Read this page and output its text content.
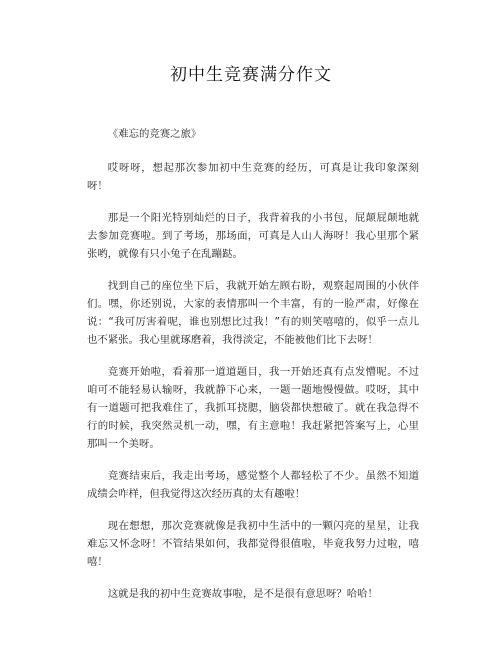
初中生竞赛满分作文

《难忘的竞赛之旅》

哎呀呀，想起那次参加初中生竞赛的经历，可真是让我印象深刻呀！

那是一个阳光特别灿烂的日子，我背着我的小书包，屁颠屁颠地就去参加竞赛啦。到了考场，那场面，可真是人山人海呀！我心里那个紧张哟，就像有只小兔子在乱蹦跶。

找到自己的座位坐下后，我就开始左顾右盼，观察起周围的小伙伴们。嘿，你还别说，大家的表情那叫一个丰富，有的一脸严肃，好像在说：“我可厉害着呢，谁也别想比过我！”有的则笑嘻嘻的，似乎一点儿也不紧张。我心里就琢磨着，我得淡定，不能被他们比下去呀！

竞赛开始啦，看着那一道道题目，我一开始还真有点发懵呢。不过咱可不能轻易认输呀，我就静下心来，一题一题地慢慢做。哎呀，其中有一道题可把我难住了，我抓耳挠腮，脑袋都快想破了。就在我急得不行的时候，我突然灵机一动，嘿，有主意啦！我赶紧把答案写上，心里那叫一个美呀。

竞赛结束后，我走出考场，感觉整个人都轻松了不少。虽然不知道成绩会咋样，但我觉得这次经历真的太有趣啦！

现在想想，那次竞赛就像是我初中生活中的一颗闪亮的星星，让我难忘又怀念呀！不管结果如何，我都觉得很值啦，毕竟我努力过啦，嘻嘻！

这就是我的初中生竞赛故事啦，是不是很有意思呀？哈哈！
